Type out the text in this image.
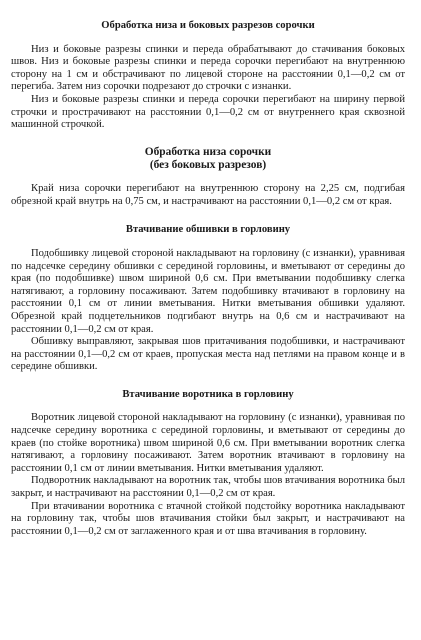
Обработка низа и боковых разрезов сорочки

Низ и боковые разрезы спинки и переда обрабатывают до стачивания боковых швов. Низ и боковые разрезы спинки и переда сорочки перегибают на внутреннюю сторону на 1 см и обстрачивают по лицевой стороне на расстоянии 0,1—0,2 см от перегиба. Затем низ сорочки подрезают до строчки с изнанки.

Низ и боковые разрезы спинки и переда сорочки перегибают на ширину первой строчки и прострачивают на расстоянии 0,1—0,2 см от внутреннего края сквозной машинной строчкой.

Обработка низа сорочки
(без боковых разрезов)

Край низа сорочки перегибают на внутреннюю сторону на 2,25 см, подгибая обрезной край внутрь на 0,75 см, и настрачивают на расстоянии 0,1—0,2 см от края.

Втачивание обшивки в горловину

Подобшивку лицевой стороной накладывают на горловину (с изнанки), уравнивая по надсечке середину обшивки с серединой горловины, и вметывают от середины до края (по подобшивке) швом шириной 0,6 см. При вметывании подобшивку слегка натягивают, а горловину посаживают. Затем подобшивку втачивают в горловину на расстоянии 0,1 см от линии вметывания. Нитки вметывания обшивки удаляют. Обрезной край подцетельников подгибают внутрь на 0,6 см и настрачивают на расстоянии 0,1—0,2 см от края.

Обшивку выправляют, закрывая шов притачивания подобшивки, и настрачивают на расстоянии 0,1—0,2 см от краев, пропуская места над петлями на правом конце и в середине обшивки.

Втачивание воротника в горловину

Воротник лицевой стороной накладывают на горловину (с изнанки), уравнивая по надсечке середину воротника с серединой горловины, и вметывают от середины до краев (по стойке воротника) швом шириной 0,6 см. При вметывании воротник слегка натягивают, а горловину посаживают. Затем воротник втачивают в горловину на расстоянии 0,1 см от линии вметывания. Нитки вметывания удаляют.

Подворотник накладывают на воротник так, чтобы шов втачивания воротника был закрыт, и настрачивают на расстоянии 0,1—0,2 см от края.

При втачивании воротника с втачной стойкой подстойку воротника накладывают на горловину так, чтобы шов втачивания стойки был закрыт, и настрачивают на расстоянии 0,1—0,2 см от заглаженного края и от шва втачивания в горловину.
